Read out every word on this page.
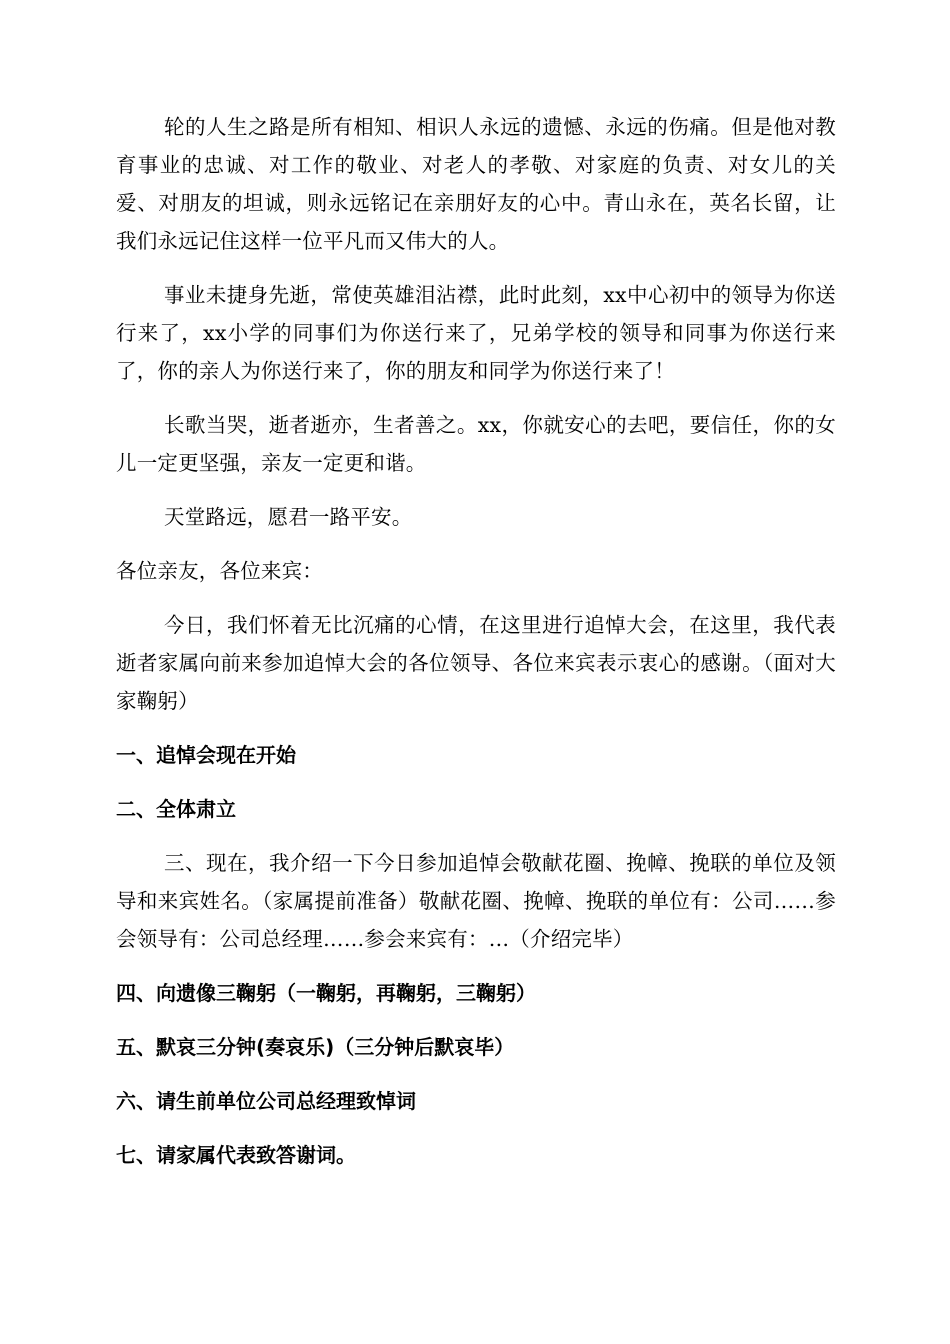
轮的人生之路是所有相知、相识人永远的遗憾、永远的伤痛。但是他对教育事业的忠诚、对工作的敬业、对老人的孝敬、对家庭的负责、对女儿的关爱、对朋友的坦诚，则永远铭记在亲朋好友的心中。青山永在，英名长留，让我们永远记住这样一位平凡而又伟大的人。

事业未捷身先逝，常使英雄泪沾襟，此时此刻，xx中心初中的领导为你送行来了，xx小学的同事们为你送行来了，兄弟学校的领导和同事为你送行来了，你的亲人为你送行来了，你的朋友和同学为你送行来了！

长歌当哭，逝者逝亦，生者善之。xx，你就安心的去吧，要信任，你的女儿一定更坚强，亲友一定更和谐。

天堂路远，愿君一路平安。

各位亲友，各位来宾：

今日，我们怀着无比沉痛的心情，在这里进行追悼大会，在这里，我代表逝者家属向前来参加追悼大会的各位领导、各位来宾表示衷心的感谢。（面对大家鞠躬）

一、追悼会现在开始

二、全体肃立

三、现在，我介绍一下今日参加追悼会敬献花圈、挽幛、挽联的单位及领导和来宾姓名。（家属提前准备）敬献花圈、挽幛、挽联的单位有：公司……参会领导有：公司总经理……参会来宾有：…（介绍完毕）

四、向遗像三鞠躬（一鞠躬，再鞠躬，三鞠躬）

五、默哀三分钟(奏哀乐)（三分钟后默哀毕）

六、请生前单位公司总经理致悼词

七、请家属代表致答谢词。
